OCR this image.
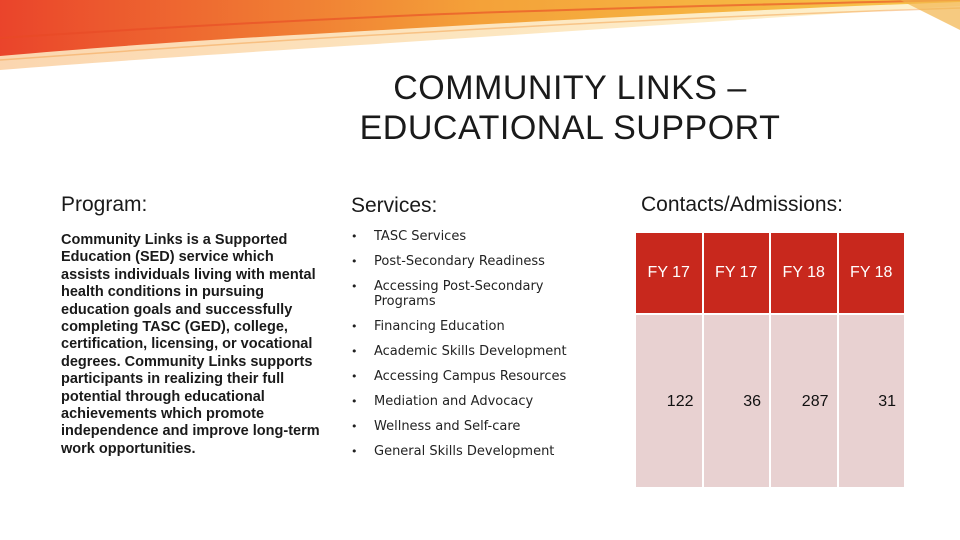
COMMUNITY LINKS –
EDUCATIONAL SUPPORT
Program:

Community Links is a Supported Education (SED) service which assists individuals living with mental health conditions in pursuing education goals and successfully completing TASC (GED), college, certification, licensing, or vocational degrees. Community Links supports participants in realizing their full potential through educational achievements which promote independence and improve long-term work opportunities.

Services:
• TASC Services
• Post-Secondary Readiness
• Accessing Post-Secondary Programs
• Financing Education
• Academic Skills Development
• Accessing Campus Resources
• Mediation and Advocacy
• Wellness and Self-care
• General Skills Development
Contacts/Admissions:
FY 17	FY 17	FY 18	FY 18
122	36	287	31
